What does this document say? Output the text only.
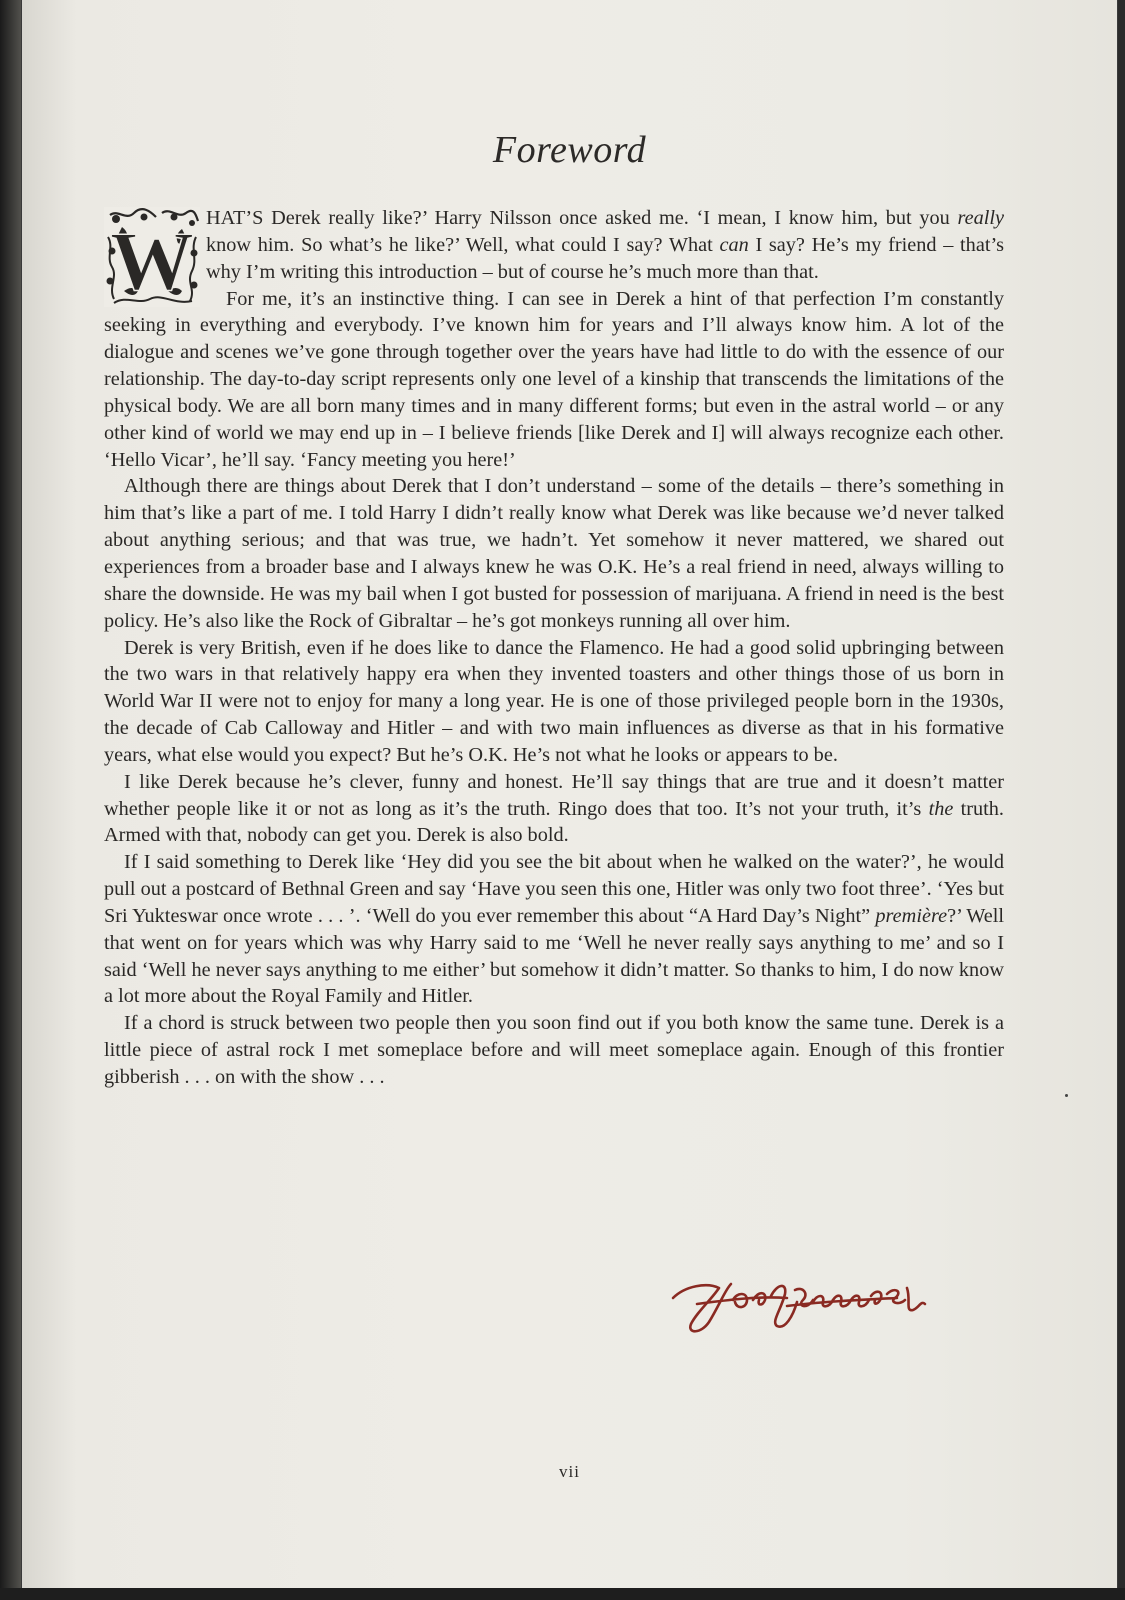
Foreword

W HAT’S Derek really like?’ Harry Nilsson once asked me. ‘I mean, I know him, but you really know him. So what’s he like?’ Well, what could I say? What can I say? He’s my friend – that’s why I’m writing this introduction – but of course he’s much more than that.

For me, it’s an instinctive thing. I can see in Derek a hint of that perfection I’m constantly seeking in everything and everybody. I’ve known him for years and I’ll always know him. A lot of the dialogue and scenes we’ve gone through together over the years have had little to do with the essence of our relationship. The day-to-day script represents only one level of a kinship that transcends the limitations of the physical body. We are all born many times and in many different forms; but even in the astral world – or any other kind of world we may end up in – I believe friends [like Derek and I] will always recognize each other. ‘Hello Vicar’, he’ll say. ‘Fancy meeting you here!’

Although there are things about Derek that I don’t understand – some of the details – there’s something in him that’s like a part of me. I told Harry I didn’t really know what Derek was like because we’d never talked about anything serious; and that was true, we hadn’t. Yet somehow it never mattered, we shared out experiences from a broader base and I always knew he was O.K. He’s a real friend in need, always willing to share the downside. He was my bail when I got busted for possession of marijuana. A friend in need is the best policy. He’s also like the Rock of Gibraltar – he’s got monkeys running all over him.

Derek is very British, even if he does like to dance the Flamenco. He had a good solid upbringing between the two wars in that relatively happy era when they invented toasters and other things those of us born in World War II were not to enjoy for many a long year. He is one of those privileged people born in the 1930s, the decade of Cab Calloway and Hitler – and with two main influences as diverse as that in his formative years, what else would you expect? But he’s O.K. He’s not what he looks or appears to be.

I like Derek because he’s clever, funny and honest. He’ll say things that are true and it doesn’t matter whether people like it or not as long as it’s the truth. Ringo does that too. It’s not your truth, it’s the truth. Armed with that, nobody can get you. Derek is also bold.

If I said something to Derek like ‘Hey did you see the bit about when he walked on the water?’, he would pull out a postcard of Bethnal Green and say ‘Have you seen this one, Hitler was only two foot three’. ‘Yes but Sri Yukteswar once wrote . . . ’. ‘Well do you ever remember this about “A Hard Day’s Night” première?’ Well that went on for years which was why Harry said to me ‘Well he never really says anything to me’ and so I said ‘Well he never says anything to me either’ but somehow it didn’t matter. So thanks to him, I do now know a lot more about the Royal Family and Hitler.

If a chord is struck between two people then you soon find out if you both know the same tune. Derek is a little piece of astral rock I met someplace before and will meet someplace again. Enough of this frontier gibberish . . . on with the show . . .

George Harrison 82
vii
